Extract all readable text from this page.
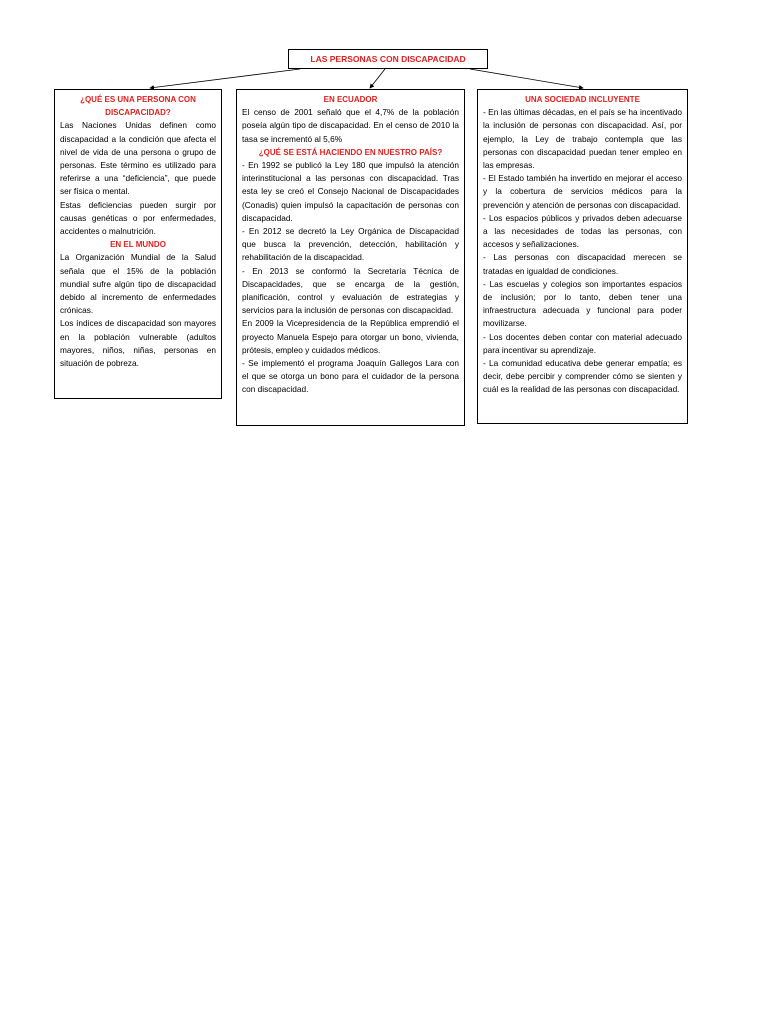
LAS PERSONAS CON DISCAPACIDAD
¿QUÉ ES UNA PERSONA CON DISCAPACIDAD?
Las Naciones Unidas definen como discapacidad a la condición que afecta el nivel de vida de una persona o grupo de personas. Este término es utilizado para referirse a una “deficiencia”, que puede ser física o mental.
Estas deficiencias pueden surgir por causas genéticas o por enfermedades, accidentes o malnutrición.
EN EL MUNDO
La Organización Mundial de la Salud señala que el 15% de la población mundial sufre algún tipo de discapacidad debido al incremento de enfermedades crónicas.
Los índices de discapacidad son mayores en la población vulnerable (adultos mayores, niños, niñas, personas en situación de pobreza.
EN ECUADOR
El censo de 2001 señaló que el 4,7% de la población poseía algún tipo de discapacidad. En el censo de 2010 la tasa se incrementó al 5,6%
¿QUÉ SE ESTÁ HACIENDO EN NUESTRO PAÍS?
- En 1992 se publicó la Ley 180 que impulsó la atención interinstitucional a las personas con discapacidad. Tras esta ley se creó el Consejo Nacional de Discapacidades (Conadis) quien impulsó la capacitación de personas con discapacidad.
- En 2012 se decretó la Ley Orgánica de Discapacidad que busca la prevención, detección, habilitación y rehabilitación de la discapacidad.
- En 2013 se conformó la Secretaría Técnica de Discapacidades, que se encarga de la gestión, planificación, control y evaluación de estrategias y servicios para la inclusión de personas con discapacidad.
En 2009 la Vicepresidencia de la República emprendió el proyecto Manuela Espejo para otorgar un bono, vivienda, prótesis, empleo y cuidados médicos.
- Se implementó el programa Joaquín Gallegos Lara con el que se otorga un bono para el cuidador de la persona con discapacidad.
UNA SOCIEDAD INCLUYENTE
- En las últimas décadas, en el país se ha incentivado la inclusión de personas con discapacidad. Así, por ejemplo, la Ley de trabajo contempla que las personas con discapacidad puedan tener empleo en las empresas.
- El Estado también ha invertido en mejorar el acceso y la cobertura de servicios médicos para la prevención y atención de personas con discapacidad.
- Los espacios públicos y privados deben adecuarse a las necesidades de todas las personas, con accesos y señalizaciones.
- Las personas con discapacidad merecen se tratadas en igualdad de condiciones.
- Las escuelas y colegios son importantes espacios de inclusión; por lo tanto, deben tener una infraestructura adecuada y funcional para poder movilizarse.
- Los docentes deben contar con material adecuado para incentivar su aprendizaje.
- La comunidad educativa debe generar empatía; es decir, debe percibir y comprender cómo se sienten y cuál es la realidad de las personas con discapacidad.
